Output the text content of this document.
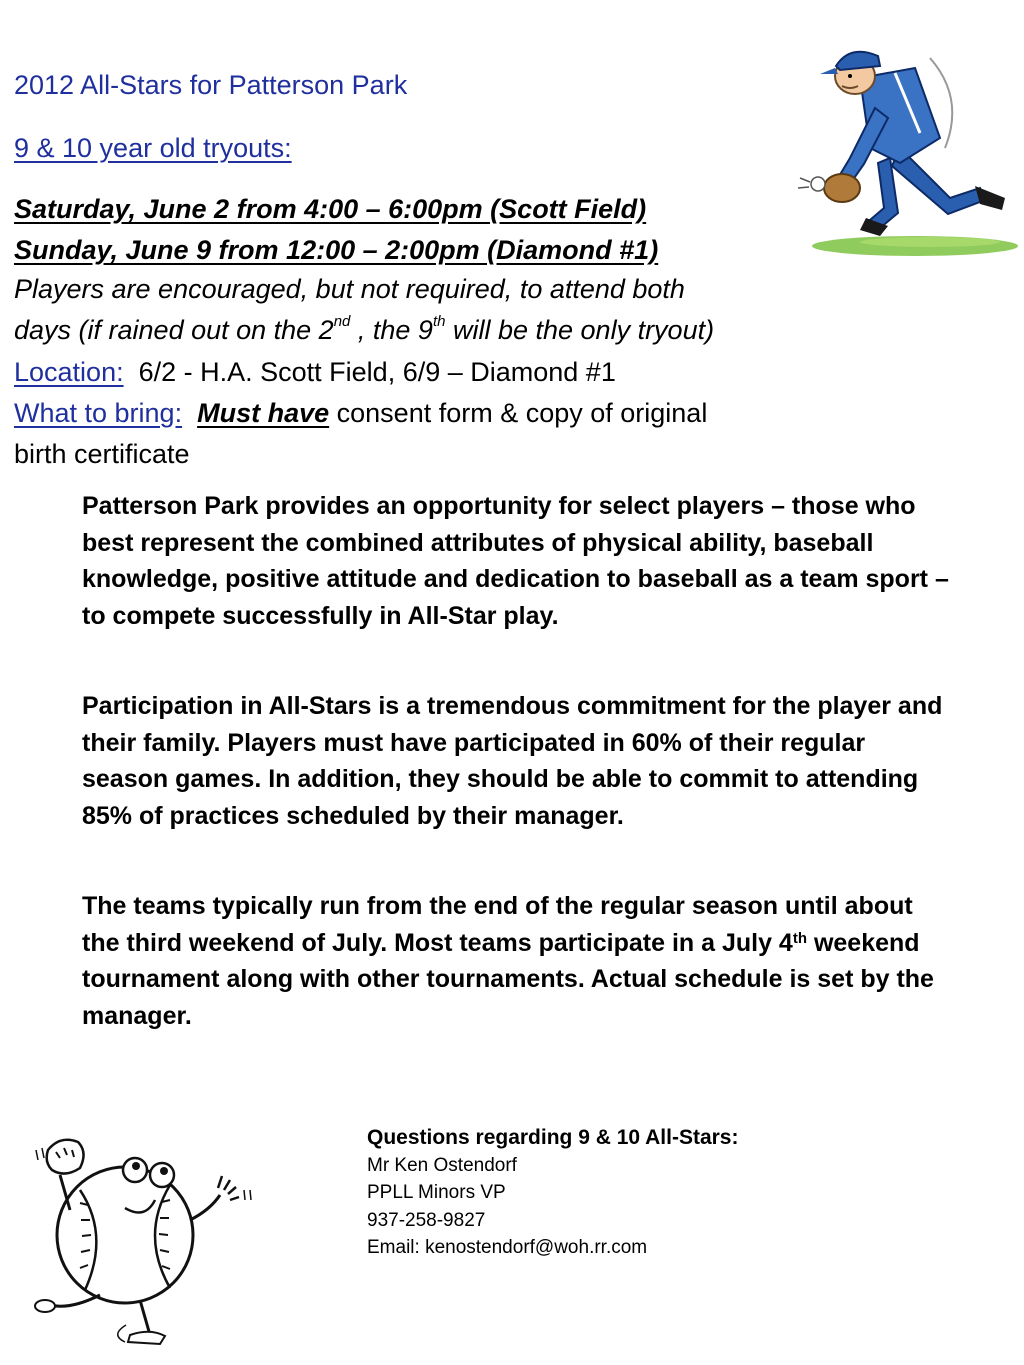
2012 All-Stars for Patterson Park
9 & 10 year old tryouts:
Saturday, June 2 from 4:00 – 6:00pm (Scott Field)
Sunday, June 9 from 12:00 – 2:00pm (Diamond #1)
Players are encouraged, but not required, to attend both
days (if rained out on the 2nd , the 9th will be the only tryout)
Location: 6/2 - H.A. Scott Field, 6/9 – Diamond #1
What to bring: Must have consent form & copy of original
birth certificate
Patterson Park provides an opportunity for select players – those who best represent the combined attributes of physical ability, baseball knowledge, positive attitude and dedication to baseball as a team sport – to compete successfully in All-Star play.
Participation in All-Stars is a tremendous commitment for the player and their family. Players must have participated in 60% of their regular season games. In addition, they should be able to commit to attending 85% of practices scheduled by their manager.
The teams typically run from the end of the regular season until about the third weekend of July. Most teams participate in a July 4th weekend tournament along with other tournaments. Actual schedule is set by the manager.
Questions regarding 9 & 10 All-Stars:
Mr Ken Ostendorf
PPLL Minors VP
937-258-9827
Email: kenostendorf@woh.rr.com
